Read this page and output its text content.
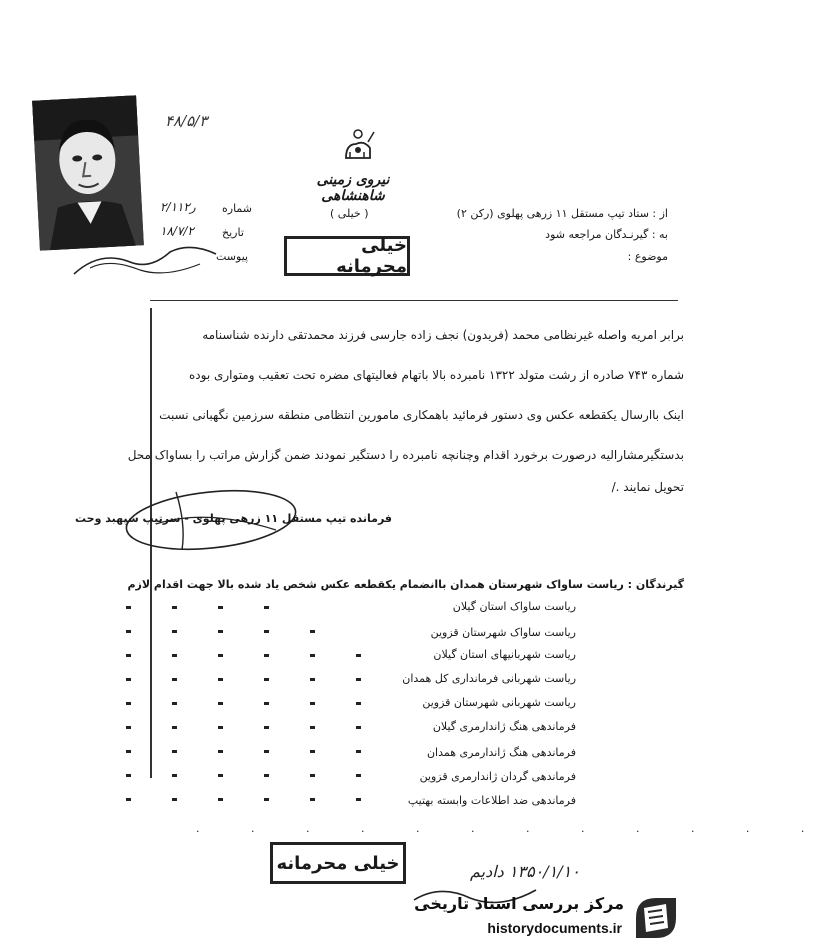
۴۸/۵/۳
نیروی زمینی شاهنشاهی
از : ستاد تیپ مستقل ۱۱ زرهی پهلوی (رکن ۲)
( خیلی )
به : گیرنـدگان مراجعه شود
موضوع :
شماره
۲/۱۱ر۲
تاریخ
۱۸/۷/۲
پیوست
خیلی محرمانه
برابر امریه واصله غیرنظامی محمد (فریدون) نجف زاده جارسی فرزند محمدتقی دارنده شناسنامه
شماره ۷۴۳ صادره از رشت متولد ۱۳۲۲ نامبرده بالا باتهام فعالیتهای مضره تحت تعقیب ومتواری بوده
اینک باارسال یکقطعه عکس وی دستور فرمائید باهمکاری مامورین انتظامی منطقه سرزمین نگهبانی نسبت
بدستگیرمشارالیه درصورت برخورد اقدام وچنانچه نامبرده را دستگیر نمودند ضمن گزارش مراتب را بساواک محل
تحویل نمایند ./
فرمانده تیپ مستقل ۱۱ زرهی پهلوی - سرتیپ سپهبد وحت
گیرندگان : ریاست ساواک شهرستان همدان باانضمام یکقطعه عکس شخص یاد شده بالا جهت اقدام لازم
ریاست ساواک استان گیلان
ریاست ساواک شهرستان قزوین
ریاست شهربانیهای استان گیلان
ریاست شهربانی فرمانداری کل همدان
ریاست شهربانی شهرستان قزوین
فرماندهی هنگ ژاندارمری گیلان
فرماندهی هنگ ژاندارمری همدان
فرماندهی گردان ژاندارمری قزوین
فرماندهی ضد اطلاعات وابسته بهتیپ
. . . . . . . . . . . .
خیلی محرمانه	۱۳۵۰/۱/۱۰ دادیم
مرکز بررسی اسناد تاریخی
historydocuments.ir
